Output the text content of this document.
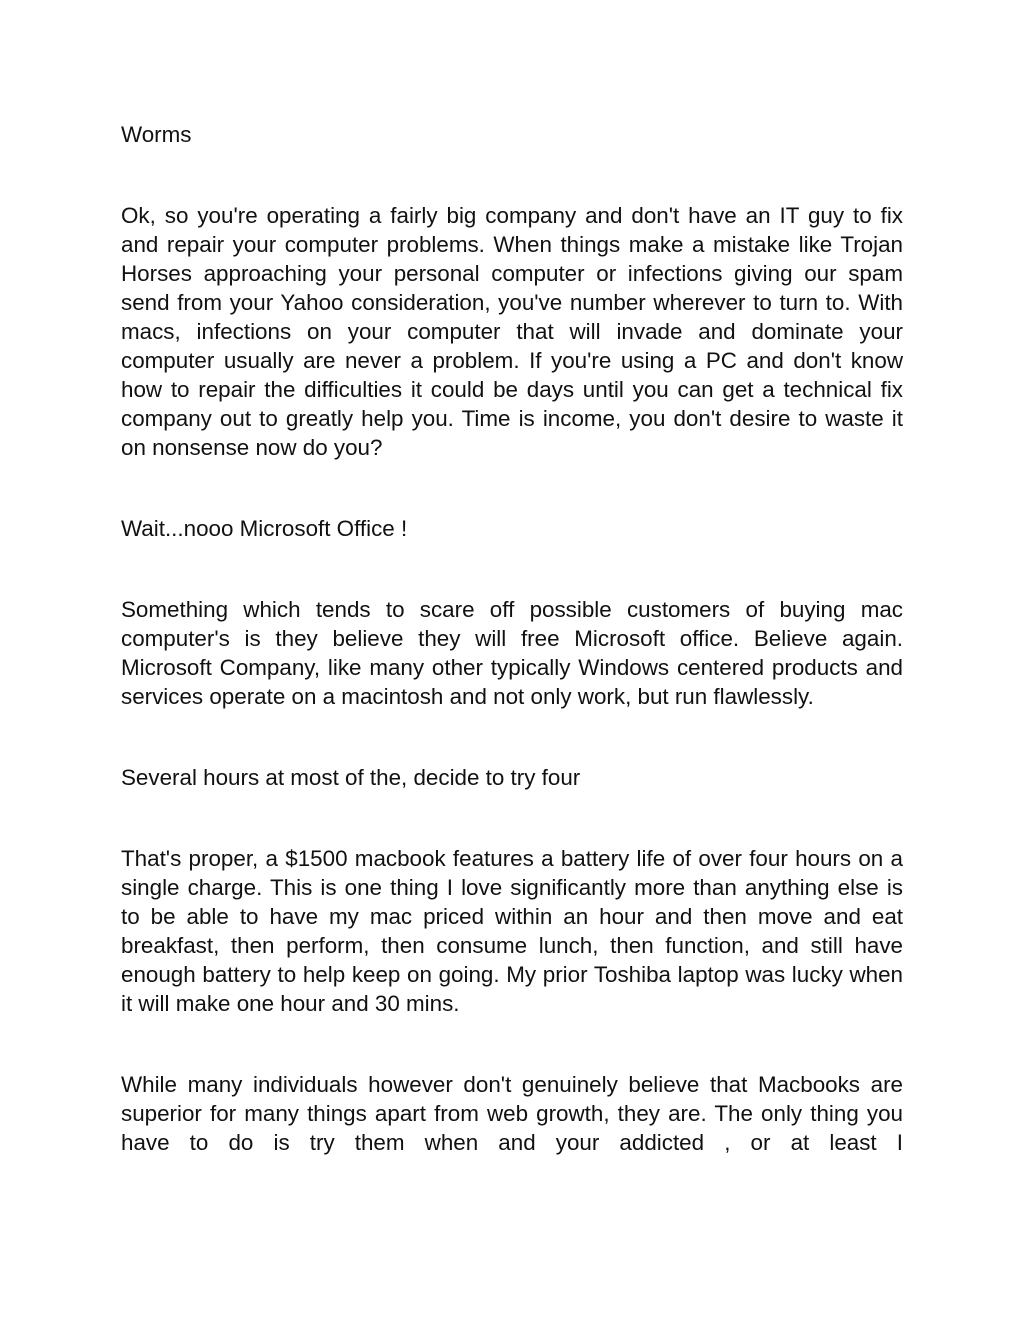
Worms

Ok, so you're operating a fairly big company and don't have an IT guy to fix and repair your computer problems. When things make a mistake like Trojan Horses approaching your personal computer or infections giving our spam send from your Yahoo consideration, you've number wherever to turn to. With macs, infections on your computer that will invade and dominate your computer usually are never a problem. If you're using a PC and don't know how to repair the difficulties it could be days until you can get a technical fix company out to greatly help you. Time is income, you don't desire to waste it on nonsense now do you?

Wait...nooo Microsoft Office !

Something which tends to scare off possible customers of buying mac computer's is they believe they will free Microsoft office. Believe again. Microsoft Company, like many other typically Windows centered products and services operate on a macintosh and not only work, but run flawlessly.

Several hours at most of the, decide to try four

That's proper, a $1500 macbook features a battery life of over four hours on a single charge. This is one thing I love significantly more than anything else is to be able to have my mac priced within an hour and then move and eat breakfast, then perform, then consume lunch, then function, and still have enough battery to help keep on going. My prior Toshiba laptop was lucky when it will make one hour and 30 mins.

While many individuals however don't genuinely believe that Macbooks are superior for many things apart from web growth, they are. The only thing you have to do is try them when and your addicted , or at least I
